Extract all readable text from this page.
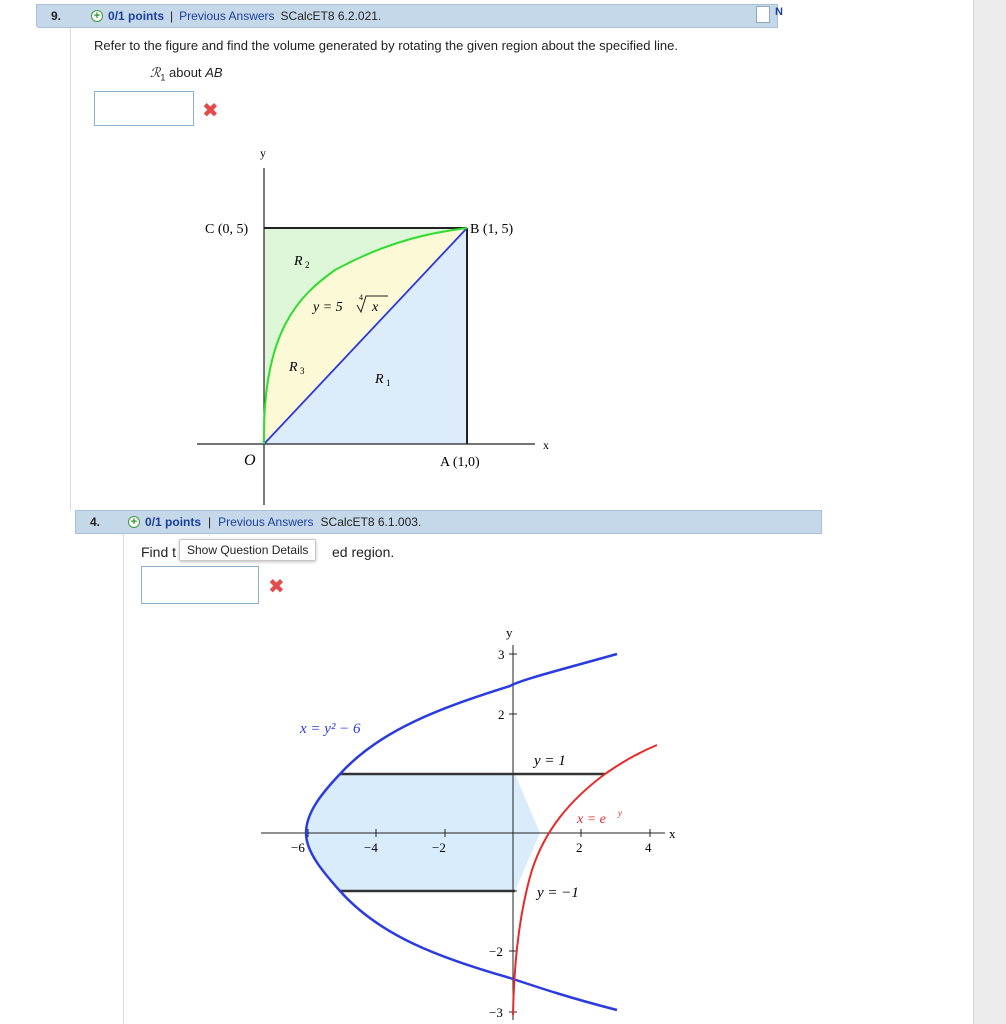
9.	+ 0/1 points | Previous Answers SCalcET8 6.2.021.	N
Refer to the figure and find the volume generated by rotating the given region about the specified line.
ℛ$_1$ about AB
✖
y
x
C (0, 5)	B (1, 5)
A (1,0)
O
R 2
R 3
R 1
y = 5
4
x
4.	+ 0/1 points | Previous Answers SCalcET8 6.1.003.
Find t	ed region.
Show Question Details
✖
y
x
−6	−4	−2	2	4
3
2
−2
−3
x = y² − 6
x = e y
y = 1
y = −1
